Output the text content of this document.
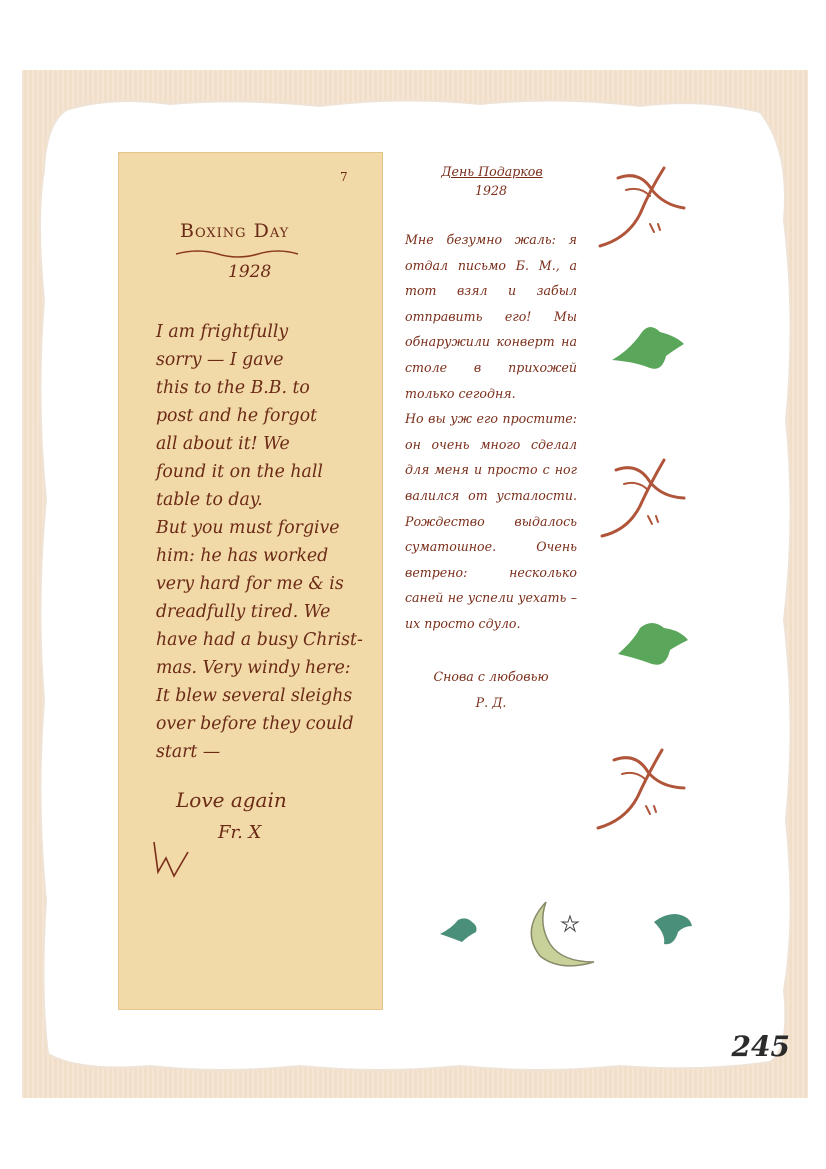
7
Boxing Day
1928
I am frightfully
sorry — I gave
this to the B.B. to
post and he forgot
all about it! We
found it on the hall
table to day.
But you must forgive
him: he has worked
very hard for me & is
dreadfully tired. We
have had a busy Christ-
mas. Very windy here:
It blew several sleighs
over before they could
start —
Love again
Fr. X
День Подарков
1928

Мне безумно жаль: я отдал письмо Б. М., а тот взял и забыл отправить его! Мы обнаружили конверт на столе в прихожей только сегодня.

Но вы уж его простите: он очень много сделал для меня и просто с ног валился от усталости. Рождество выдалось суматошное. Очень ветрено: несколько саней не успели уехать – их просто сдуло.

Снова с любовью
Р. Д.
245
